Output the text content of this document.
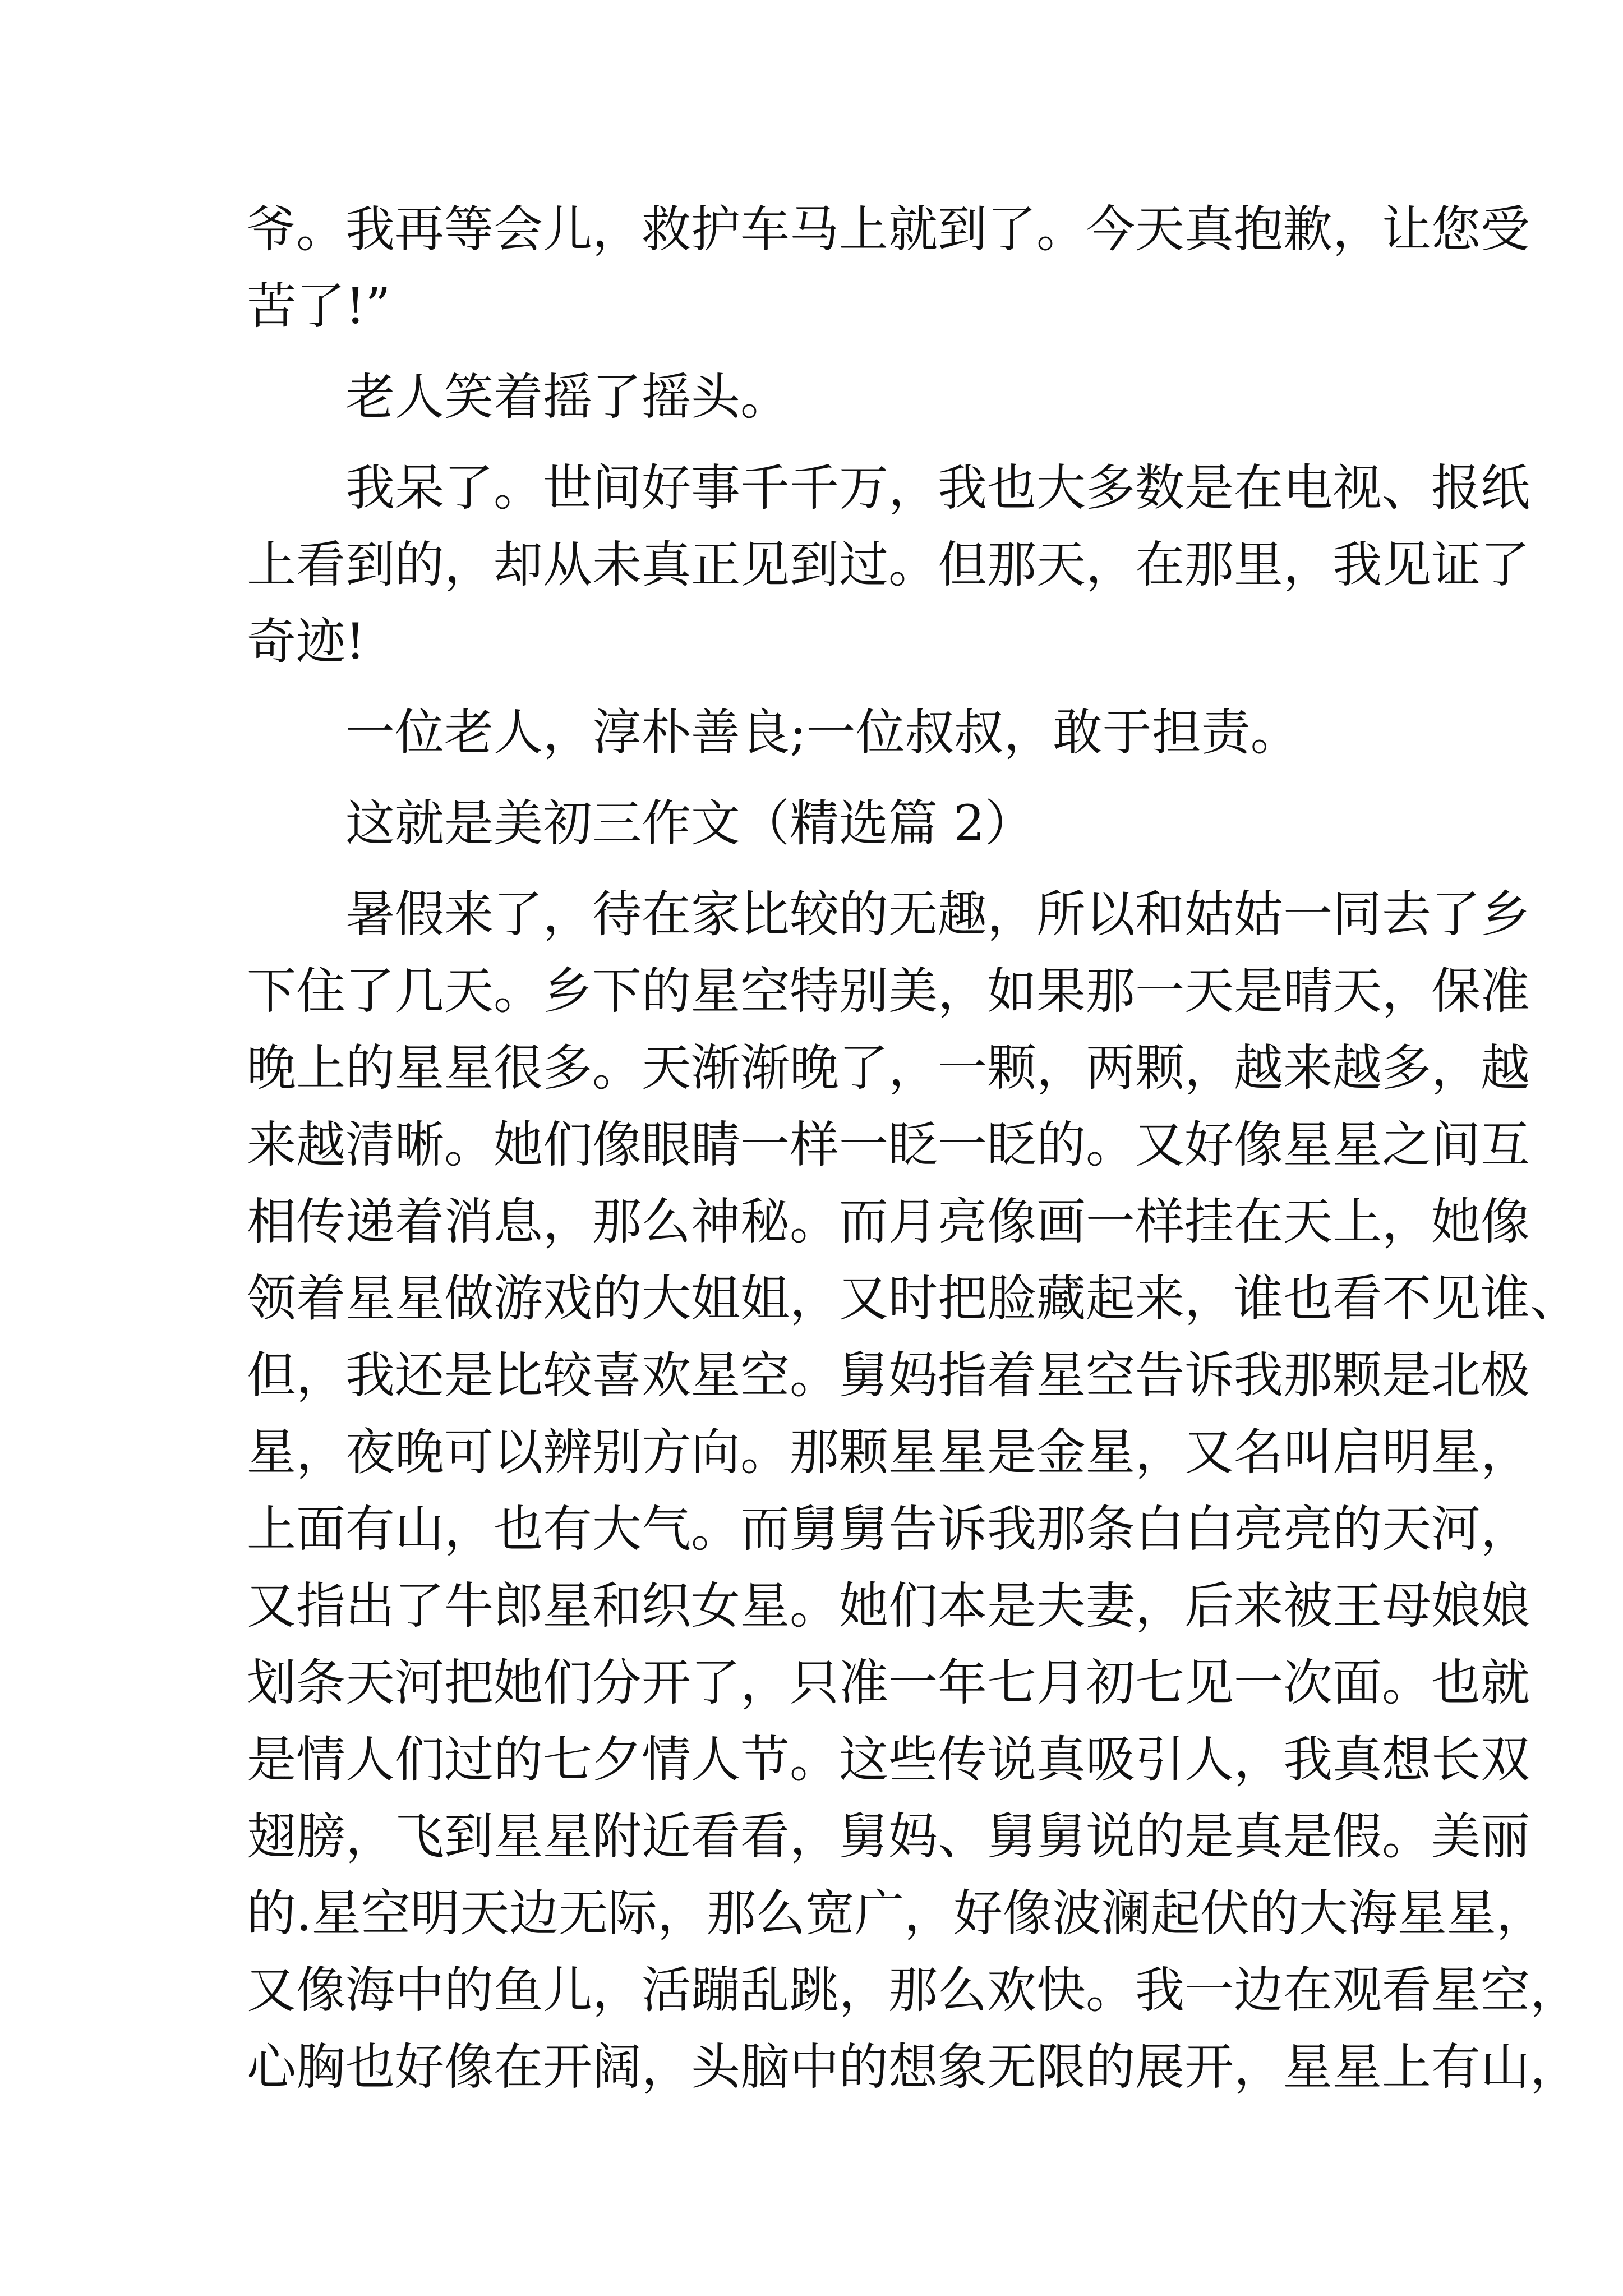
爷。我再等会儿，救护车马上就到了。今天真抱歉，让您受
苦了!”
老人笑着摇了摇头。
我呆了。世间好事千千万，我也大多数是在电视、报纸
上看到的，却从未真正见到过。但那天，在那里，我见证了
奇迹!
一位老人，淳朴善良;一位叔叔，敢于担责。
这就是美初三作文（精选篇 2）
暑假来了，待在家比较的无趣，所以和姑姑一同去了乡
下住了几天。乡下的星空特别美，如果那一天是晴天，保准
晚上的星星很多。天渐渐晚了，一颗，两颗，越来越多，越
来越清晰。她们像眼睛一样一眨一眨的。又好像星星之间互
相传递着消息，那么神秘。而月亮像画一样挂在天上，她像
领着星星做游戏的大姐姐，又时把脸藏起来，谁也看不见谁、
但，我还是比较喜欢星空。舅妈指着星空告诉我那颗是北极
星，夜晚可以辨别方向。那颗星星是金星，又名叫启明星，
上面有山，也有大气。而舅舅告诉我那条白白亮亮的天河，
又指出了牛郎星和织女星。她们本是夫妻，后来被王母娘娘
划条天河把她们分开了，只准一年七月初七见一次面。也就
是情人们过的七夕情人节。这些传说真吸引人，我真想长双
翅膀，飞到星星附近看看，舅妈、舅舅说的是真是假。美丽
的.星空明天边无际，那么宽广，好像波澜起伏的大海星星，
又像海中的鱼儿，活蹦乱跳，那么欢快。我一边在观看星空，
心胸也好像在开阔，头脑中的想象无限的展开，星星上有山，
